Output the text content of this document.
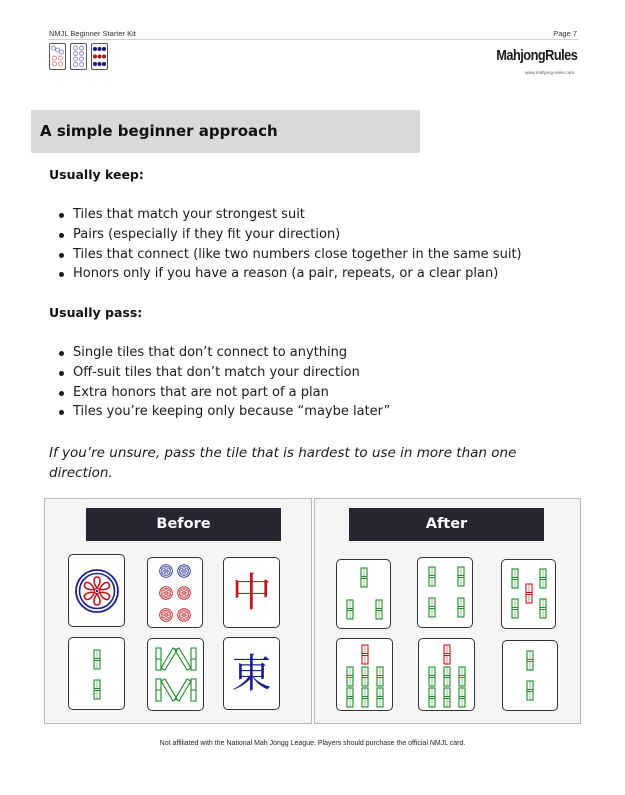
NMJL Beginner Starter Kit	Page 7
MahjongRules
www.mahjong-rules.com
A simple beginner approach
Usually keep:
Tiles that match your strongest suit
Pairs (especially if they fit your direction)
Tiles that connect (like two numbers close together in the same suit)
Honors only if you have a reason (a pair, repeats, or a clear plan)
Usually pass:
Single tiles that don’t connect to anything
Off-suit tiles that don’t match your direction
Extra honors that are not part of a plan
Tiles you’re keeping only because “maybe later”
If you’re unsure, pass the tile that is hardest to use in more than one direction.
Before
中
東
After
Not affiliated with the National Mah Jongg League. Players should purchase the official NMJL card.
